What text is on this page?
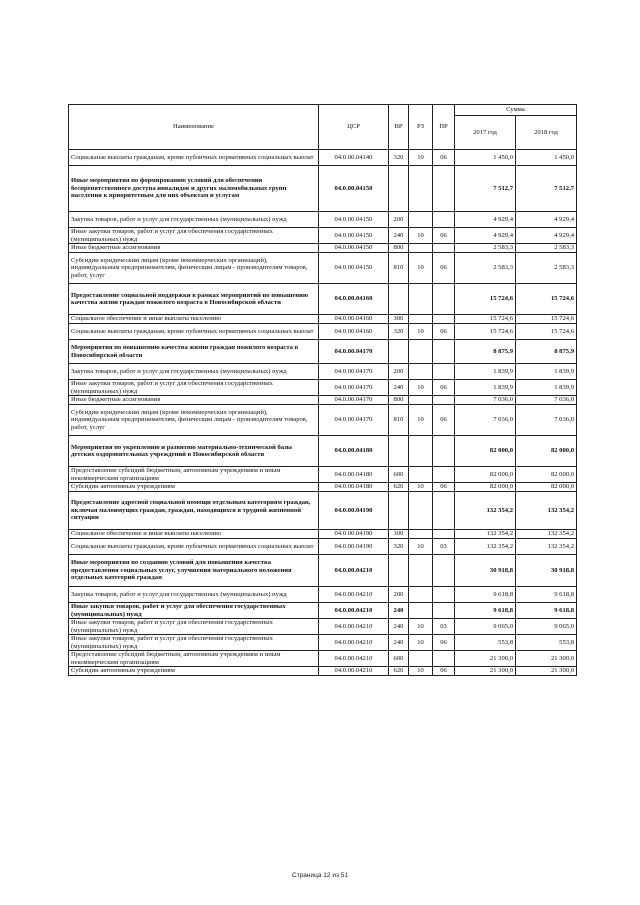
Наименование	ЦСР	ВР	РЗ	ПР	Сумма	
					2017 год	2018 год
Социальные выплаты гражданам, кроме публичных нормативных социальных выплат	04.0.00.04140	320	10	06	1 450,0	1 450,0
Иные мероприятия по формированию условий для обеспечения беспрепятственного доступа инвалидов и других маломобильных групп населения к приоритетным для них объектам и услугам	04.0.00.04150				7 512,7	7 512,7
Закупка товаров, работ и услуг для государственных (муниципальных) нужд	04.0.00.04150	200			4 929,4	4 929,4
Иные закупки товаров, работ и услуг для обеспечения государственных (муниципальных) нужд	04.0.00.04150	240	10	06	4 929,4	4 929,4
Иные бюджетные ассигнования	04.0.00.04150	800			2 583,3	2 583,3
Субсидии юридическим лицам (кроме некоммерческих организаций), индивидуальным предпринимателям, физическим лицам - производителям товаров, работ, услуг	04.0.00.04150	810	10	06	2 583,3	2 583,3
Предоставление социальной поддержки в рамках мероприятий по повышению качества жизни граждан пожилого возраста в Новосибирской области	04.0.00.04160				15 724,6	15 724,6
Социальное обеспечение и иные выплаты населению	04.0.00.04160	300			15 724,6	15 724,6
Социальные выплаты гражданам, кроме публичных нормативных социальных выплат	04.0.00.04160	320	10	06	15 724,6	15 724,6
Мероприятия по повышению качества жизни граждан пожилого возраста в Новосибирской области	04.0.00.04170				8 875,9	8 875,9
Закупка товаров, работ и услуг для государственных (муниципальных) нужд	04.0.00.04170	200			1 839,9	1 839,9
Иные закупки товаров, работ и услуг для обеспечения государственных (муниципальных) нужд	04.0.00.04170	240	10	06	1 839,9	1 839,9
Иные бюджетные ассигнования	04.0.00.04170	800			7 036,0	7 036,0
Субсидии юридическим лицам (кроме некоммерческих организаций), индивидуальным предпринимателям, физическим лицам - производителям товаров, работ, услуг	04.0.00.04170	810	10	06	7 036,0	7 036,0
Мероприятия по укреплению и развитию материально-технической базы детских оздоровительных учреждений в Новосибирской области	04.0.00.04180				82 000,0	82 000,0
Предоставление субсидий бюджетным, автономным учреждениям и иным некоммерческим организациям	04.0.00.04180	600			82 000,0	82 000,0
Субсидии автономным учреждениям	04.0.00.04180	620	10	06	82 000,0	82 000,0
Предоставление адресной социальной помощи отдельным категориям граждан, включая малоимущих граждан, граждан, находящихся в трудной жизненной ситуации	04.0.00.04190				132 354,2	132 354,2
Социальное обеспечение и иные выплаты населению	04.0.00.04190	300			132 354,2	132 354,2
Социальные выплаты гражданам, кроме публичных нормативных социальных выплат	04.0.00.04190	320	10	03	132 354,2	132 354,2
Иные мероприятия по созданию условий для повышения качества предоставления социальных услуг, улучшения материального положения отдельных категорий граждан	04.0.00.04210				30 918,8	30 918,8
Закупка товаров, работ и услуг для государственных (муниципальных) нужд	04.0.00.04210	200			9 618,8	9 618,8
Иные закупки товаров, работ и услуг для обеспечения государственных (муниципальных) нужд	04.0.00.04210	240			9 618,8	9 618,8
Иные закупки товаров, работ и услуг для обеспечения государственных (муниципальных) нужд	04.0.00.04210	240	10	03	9 065,0	9 065,0
Иные закупки товаров, работ и услуг для обеспечения государственных (муниципальных) нужд	04.0.00.04210	240	10	06	553,8	553,8
Предоставление субсидий бюджетным, автономным учреждениям и иным некоммерческим организациям	04.0.00.04210	600			21 300,0	21 300,0
Субсидии автономным учреждениям	04.0.00.04210	620	10	06	21 300,0	21 300,0
Страница 12 из 51
